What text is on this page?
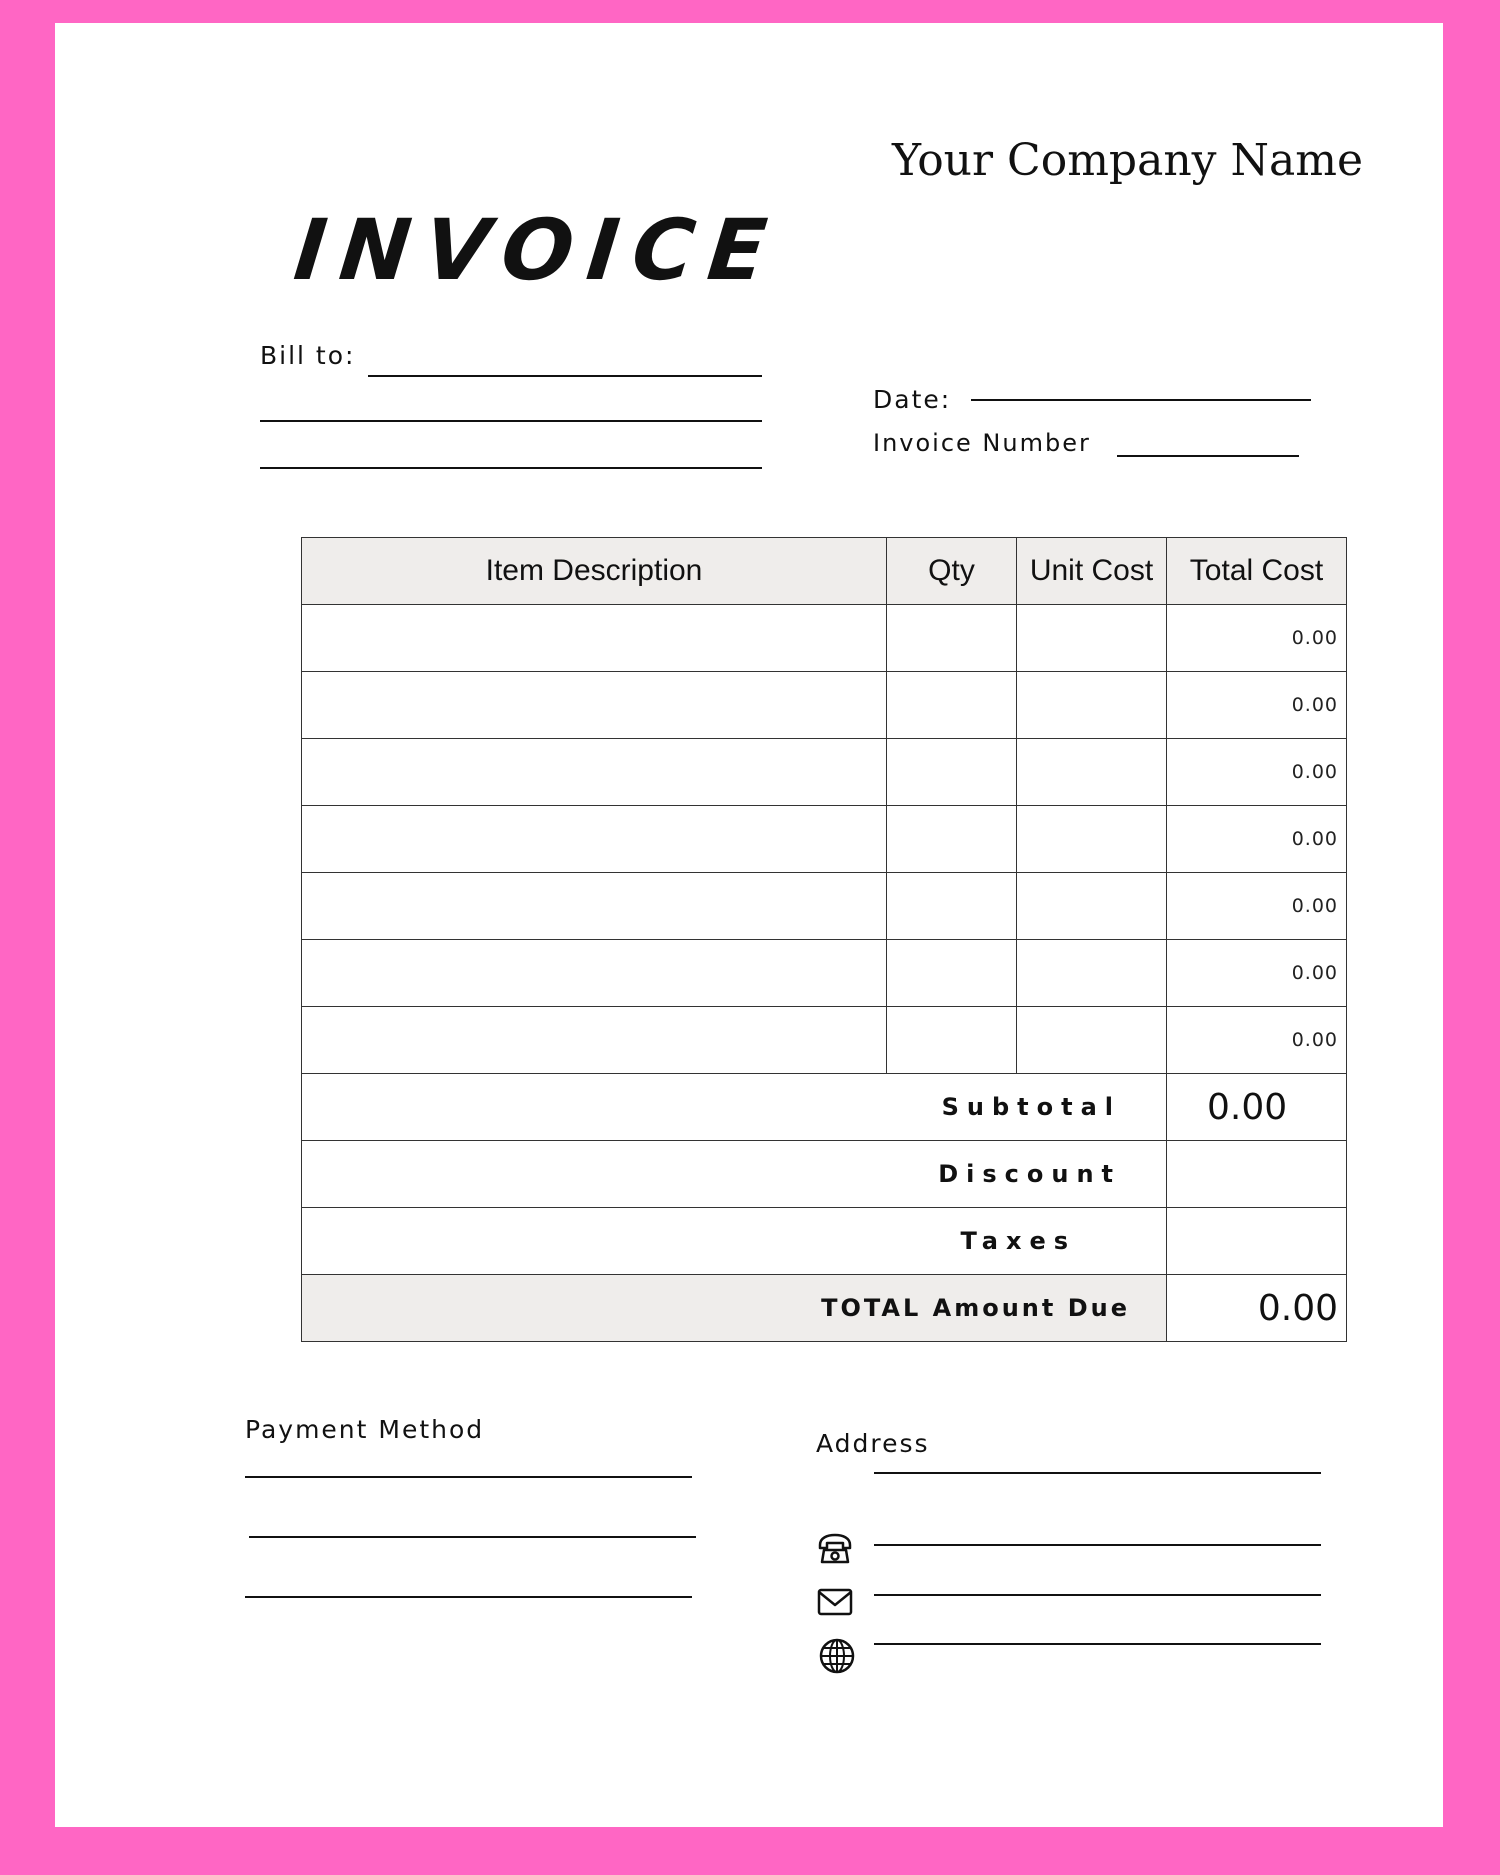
Your Company Name
INVOICE
Bill to:
Date:
Invoice Number
Item Description	Qty	Unit Cost	Total Cost
			0.00
			0.00
			0.00
			0.00
			0.00
			0.00
			0.00
Subtotal			0.00
Discount			
Taxes			
TOTAL Amount Due			0.00
Payment Method	Address
